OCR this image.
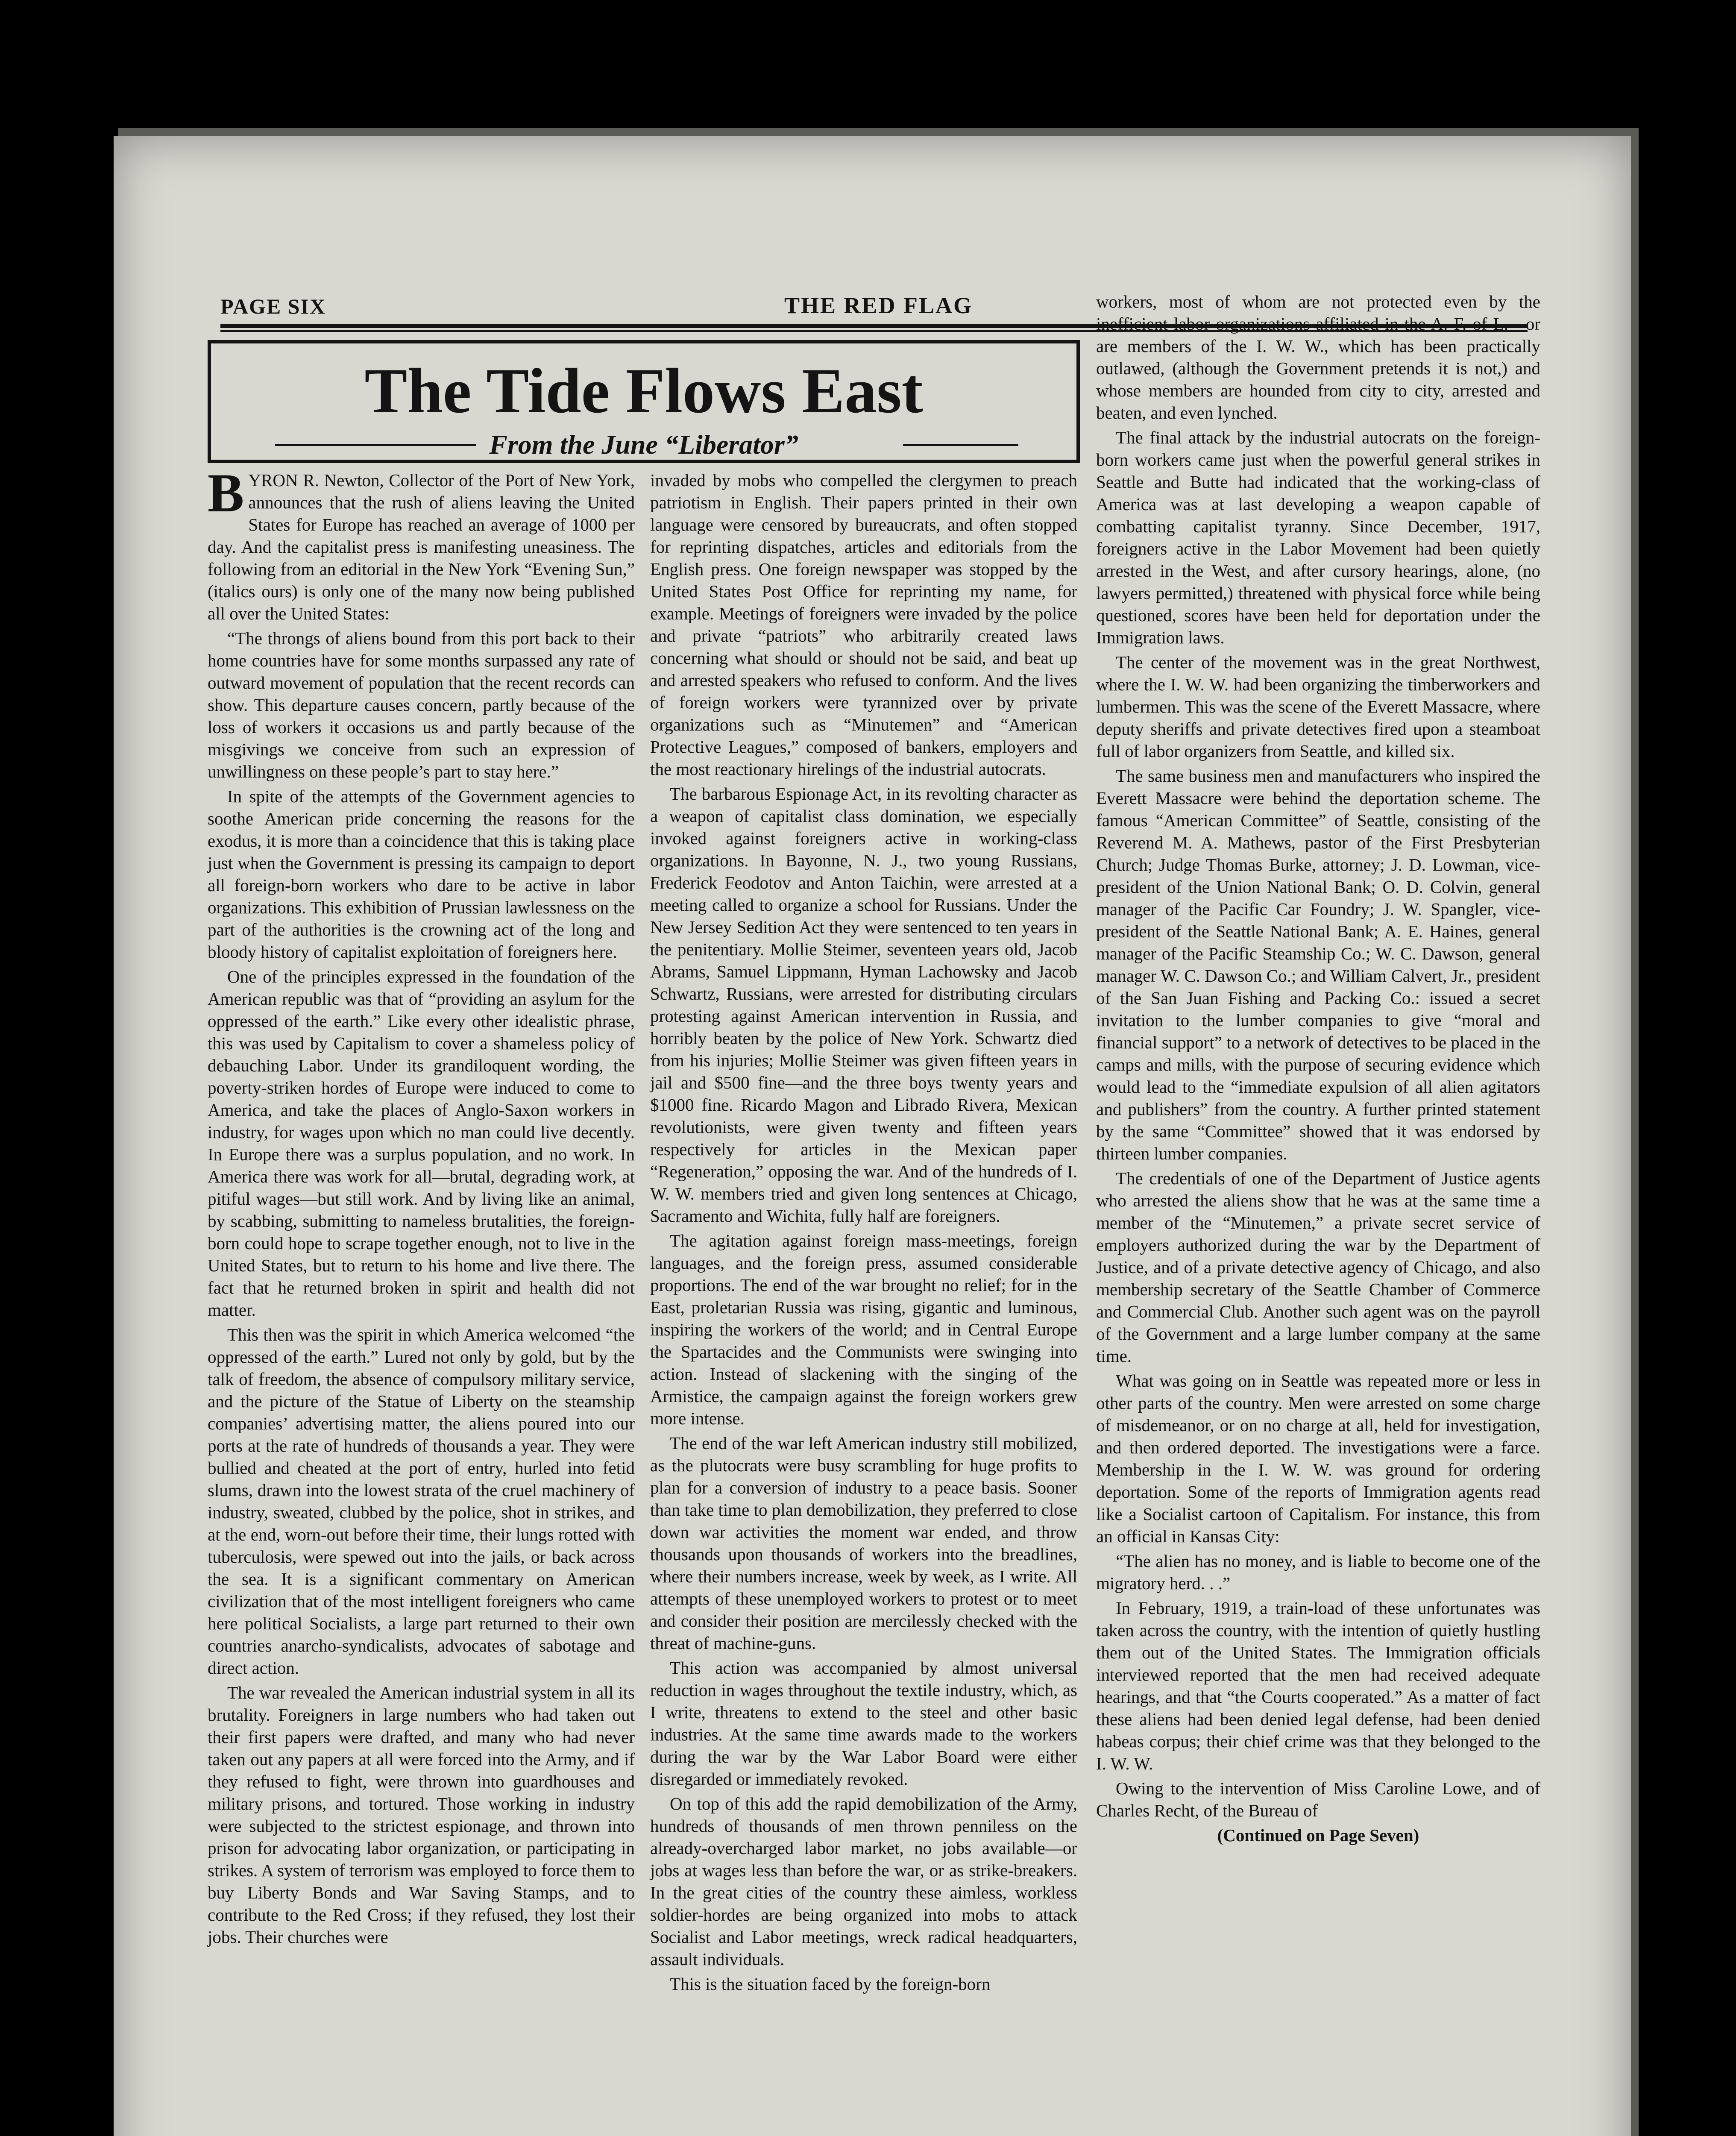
PAGE SIX	THE RED FLAG
The Tide Flows East
From the June “Liberator”

BYRON R. Newton, Collector of the Port of New York, announces that the rush of aliens leaving the United States for Europe has reached an average of 1000 per day. And the capitalist press is manifesting uneasiness. The following from an editorial in the New York “Evening Sun,” (italics ours) is only one of the many now being published all over the United States:

“The throngs of aliens bound from this port back to their home countries have for some months surpassed any rate of outward movement of population that the recent records can show. This departure causes concern, partly because of the loss of workers it occasions us and partly because of the misgivings we conceive from such an expression of unwillingness on these people’s part to stay here.”

In spite of the attempts of the Government agencies to soothe American pride concerning the reasons for the exodus, it is more than a coincidence that this is taking place just when the Government is pressing its campaign to deport all foreign-born workers who dare to be active in labor organizations. This exhibition of Prussian lawlessness on the part of the authorities is the crowning act of the long and bloody history of capitalist exploitation of foreigners here.

One of the principles expressed in the foundation of the American republic was that of “providing an asylum for the oppressed of the earth.” Like every other idealistic phrase, this was used by Capitalism to cover a shameless policy of debauching Labor. Under its grandiloquent wording, the poverty-striken hordes of Europe were induced to come to America, and take the places of Anglo-Saxon workers in industry, for wages upon which no man could live decently. In Europe there was a surplus population, and no work. In America there was work for all—brutal, degrading work, at pitiful wages—but still work. And by living like an animal, by scabbing, submitting to nameless brutalities, the foreign-born could hope to scrape together enough, not to live in the United States, but to return to his home and live there. The fact that he returned broken in spirit and health did not matter.

This then was the spirit in which America welcomed “the oppressed of the earth.” Lured not only by gold, but by the talk of freedom, the absence of compulsory military service, and the picture of the Statue of Liberty on the steamship companies’ advertising matter, the aliens poured into our ports at the rate of hundreds of thousands a year. They were bullied and cheated at the port of entry, hurled into fetid slums, drawn into the lowest strata of the cruel machinery of industry, sweated, clubbed by the police, shot in strikes, and at the end, worn-out before their time, their lungs rotted with tuberculosis, were spewed out into the jails, or back across the sea. It is a significant commentary on American civilization that of the most intelligent foreigners who came here political Socialists, a large part returned to their own countries anarcho-syndicalists, advocates of sabotage and direct action.

The war revealed the American industrial system in all its brutality. Foreigners in large numbers who had taken out their first papers were drafted, and many who had never taken out any papers at all were forced into the Army, and if they refused to fight, were thrown into guardhouses and military prisons, and tortured. Those working in industry were subjected to the strictest espionage, and thrown into prison for advocating labor organization, or participating in strikes. A system of terrorism was employed to force them to buy Liberty Bonds and War Saving Stamps, and to contribute to the Red Cross; if they refused, they lost their jobs. Their churches were

invaded by mobs who compelled the clergymen to preach patriotism in English. Their papers printed in their own language were censored by bureaucrats, and often stopped for reprinting dispatches, articles and editorials from the English press. One foreign newspaper was stopped by the United States Post Office for reprinting my name, for example. Meetings of foreigners were invaded by the police and private “patriots” who arbitrarily created laws concerning what should or should not be said, and beat up and arrested speakers who refused to conform. And the lives of foreign workers were tyrannized over by private organizations such as “Minutemen” and “American Protective Leagues,” composed of bankers, employers and the most reactionary hirelings of the industrial autocrats.

The barbarous Espionage Act, in its revolting character as a weapon of capitalist class domination, we especially invoked against foreigners active in working-class organizations. In Bayonne, N. J., two young Russians, Frederick Feodotov and Anton Taichin, were arrested at a meeting called to organize a school for Russians. Under the New Jersey Sedition Act they were sentenced to ten years in the penitentiary. Mollie Steimer, seventeen years old, Jacob Abrams, Samuel Lippmann, Hyman Lachowsky and Jacob Schwartz, Russians, were arrested for distributing circulars protesting against American intervention in Russia, and horribly beaten by the police of New York. Schwartz died from his injuries; Mollie Steimer was given fifteen years in jail and $500 fine—and the three boys twenty years and $1000 fine. Ricardo Magon and Librado Rivera, Mexican revolutionists, were given twenty and fifteen years respectively for articles in the Mexican paper “Regeneration,” opposing the war. And of the hundreds of I. W. W. members tried and given long sentences at Chicago, Sacramento and Wichita, fully half are foreigners.

The agitation against foreign mass-meetings, foreign languages, and the foreign press, assumed considerable proportions. The end of the war brought no relief; for in the East, proletarian Russia was rising, gigantic and luminous, inspiring the workers of the world; and in Central Europe the Spartacides and the Communists were swinging into action. Instead of slackening with the singing of the Armistice, the campaign against the foreign workers grew more intense.

The end of the war left American industry still mobilized, as the plutocrats were busy scrambling for huge profits to plan for a conversion of industry to a peace basis. Sooner than take time to plan demobilization, they preferred to close down war activities the moment war ended, and throw thousands upon thousands of workers into the breadlines, where their numbers increase, week by week, as I write. All attempts of these unemployed workers to protest or to meet and consider their position are mercilessly checked with the threat of machine-guns.

This action was accompanied by almost universal reduction in wages throughout the textile industry, which, as I write, threatens to extend to the steel and other basic industries. At the same time awards made to the workers during the war by the War Labor Board were either disregarded or immediately revoked.

On top of this add the rapid demobilization of the Army, hundreds of thousands of men thrown penniless on the already-overcharged labor market, no jobs available—or jobs at wages less than before the war, or as strike-breakers. In the great cities of the country these aimless, workless soldier-hordes are being organized into mobs to attack Socialist and Labor meetings, wreck radical headquarters, assault individuals.

This is the situation faced by the foreign-born

workers, most of whom are not protected even by the inefficient labor organizations affiliated in the A. F. of L.—or are members of the I. W. W., which has been practically outlawed, (although the Government pretends it is not,) and whose members are hounded from city to city, arrested and beaten, and even lynched.

The final attack by the industrial autocrats on the foreign-born workers came just when the powerful general strikes in Seattle and Butte had indicated that the working-class of America was at last developing a weapon capable of combatting capitalist tyranny. Since December, 1917, foreigners active in the Labor Movement had been quietly arrested in the West, and after cursory hearings, alone, (no lawyers permitted,) threatened with physical force while being questioned, scores have been held for deportation under the Immigration laws.

The center of the movement was in the great Northwest, where the I. W. W. had been organizing the timberworkers and lumbermen. This was the scene of the Everett Massacre, where deputy sheriffs and private detectives fired upon a steamboat full of labor organizers from Seattle, and killed six.

The same business men and manufacturers who inspired the Everett Massacre were behind the deportation scheme. The famous “American Committee” of Seattle, consisting of the Reverend M. A. Mathews, pastor of the First Presbyterian Church; Judge Thomas Burke, attorney; J. D. Lowman, vice-president of the Union National Bank; O. D. Colvin, general manager of the Pacific Car Foundry; J. W. Spangler, vice-president of the Seattle National Bank; A. E. Haines, general manager of the Pacific Steamship Co.; W. C. Dawson, general manager W. C. Dawson Co.; and William Calvert, Jr., president of the San Juan Fishing and Packing Co.: issued a secret invitation to the lumber companies to give “moral and financial support” to a network of detectives to be placed in the camps and mills, with the purpose of securing evidence which would lead to the “immediate expulsion of all alien agitators and publishers” from the country. A further printed statement by the same “Committee” showed that it was endorsed by thirteen lumber companies.

The credentials of one of the Department of Justice agents who arrested the aliens show that he was at the same time a member of the “Minutemen,” a private secret service of employers authorized during the war by the Department of Justice, and of a private detective agency of Chicago, and also membership secretary of the Seattle Chamber of Commerce and Commercial Club. Another such agent was on the payroll of the Government and a large lumber company at the same time.

What was going on in Seattle was repeated more or less in other parts of the country. Men were arrested on some charge of misdemeanor, or on no charge at all, held for investigation, and then ordered deported. The investigations were a farce. Membership in the I. W. W. was ground for ordering deportation. Some of the reports of Immigration agents read like a Socialist cartoon of Capitalism. For instance, this from an official in Kansas City:

“The alien has no money, and is liable to become one of the migratory herd. . .”

In February, 1919, a train-load of these unfortunates was taken across the country, with the intention of quietly hustling them out of the United States. The Immigration officials interviewed reported that the men had received adequate hearings, and that “the Courts cooperated.” As a matter of fact these aliens had been denied legal defense, had been denied habeas corpus; their chief crime was that they belonged to the I. W. W.

Owing to the intervention of Miss Caroline Lowe, and of Charles Recht, of the Bureau of

(Continued on Page Seven)
